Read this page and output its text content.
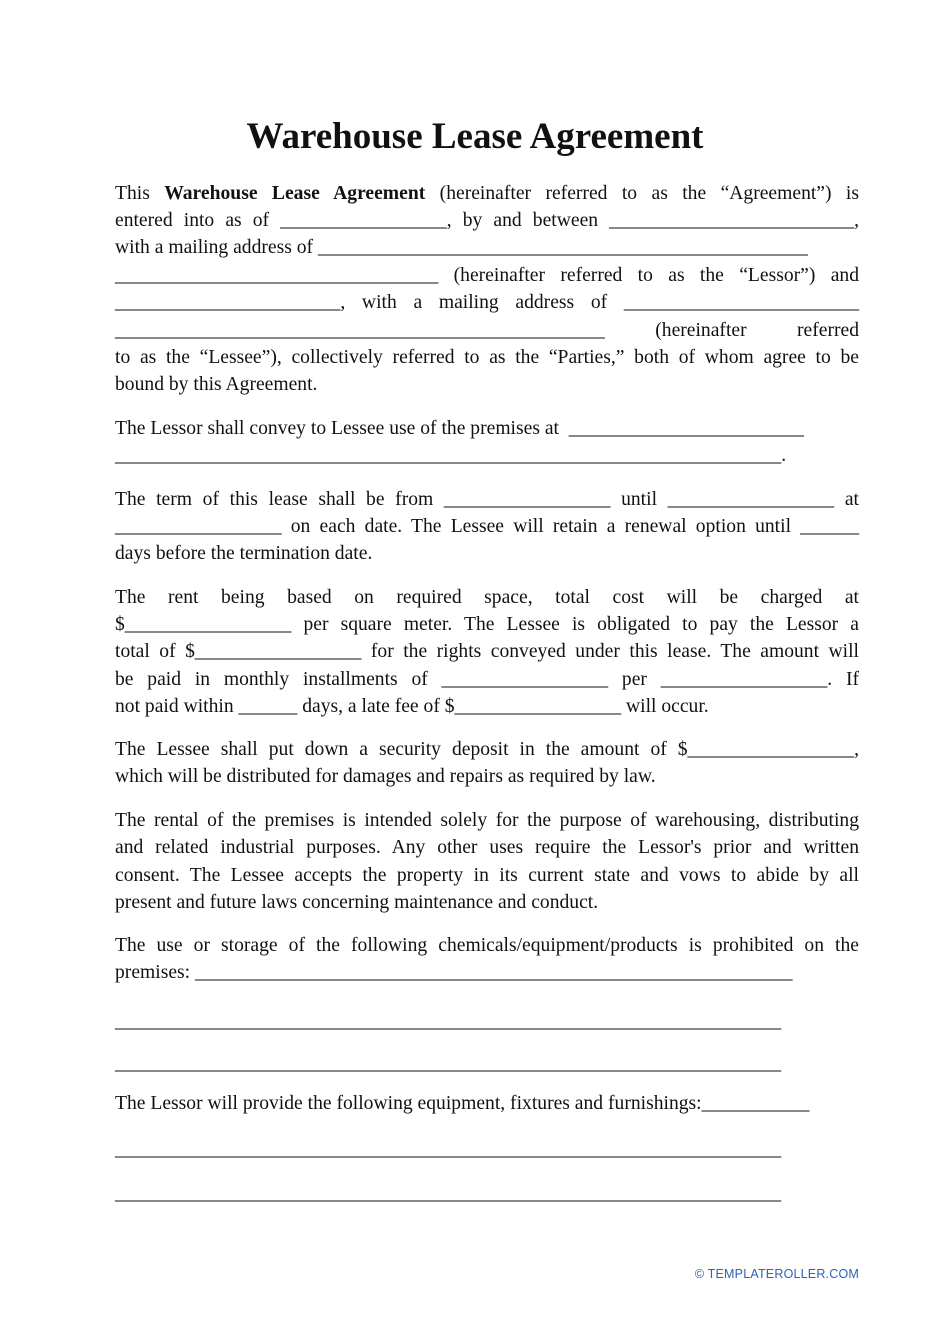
Warehouse Lease Agreement
This Warehouse Lease Agreement (hereinafter referred to as the “Agreement”) is
entered into as of _________________, by and between _________________________,
with a mailing address of __________________________________________________
_________________________________ (hereinafter referred to as the “Lessor”) and
_______________________, with a mailing address of ________________________
__________________________________________________ (hereinafter referred
to as the “Lessee”), collectively referred to as the “Parties,” both of whom agree to be
bound by this Agreement.
The Lessor shall convey to Lessee use of the premises at  ________________________
____________________________________________________________________.
The term of this lease shall be from _________________ until _________________ at
_________________ on each date. The Lessee will retain a renewal option until ______
days before the termination date.
The rent being based on required space, total cost will be charged at
$_________________ per square meter. The Lessee is obligated to pay the Lessor a
total of $_________________ for the rights conveyed under this lease. The amount will
be paid in monthly installments of _________________ per _________________. If
not paid within ______ days, a late fee of $_________________ will occur.
The Lessee shall put down a security deposit in the amount of $_________________,
which will be distributed for damages and repairs as required by law.
The rental of the premises is intended solely for the purpose of warehousing, distributing
and related industrial purposes. Any other uses require the Lessor's prior and written
consent. The Lessee accepts the property in its current state and vows to abide by all
present and future laws concerning maintenance and conduct.
The use or storage of the following chemicals/equipment/products is prohibited on the
premises: _____________________________________________________________
____________________________________________________________________
____________________________________________________________________
The Lessor will provide the following equipment, fixtures and furnishings:___________
____________________________________________________________________
____________________________________________________________________
© TEMPLATEROLLER.COM
